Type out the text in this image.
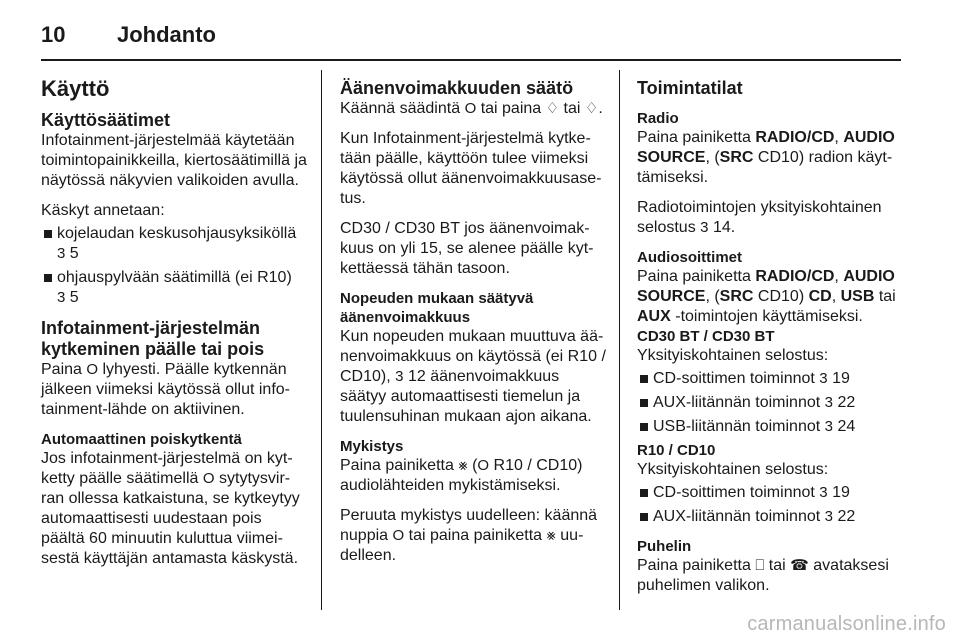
10 Johdanto
Käyttö
Käyttösäätimet
Infotainment-järjestelmää käytetään toimintopainikkeilla, kiertosäätimillä ja näytössä näkyvien valikoiden avulla.
Käskyt annetaan:
kojelaudan keskusohjausyksiköllä
3 5
ohjauspylvään säätimillä (ei R10)
3 5
Infotainment-järjestelmän kytkeminen päälle tai pois
Paina O lyhyesti. Päälle kytkennän jälkeen viimeksi käytössä ollut info-tainment-lähde on aktiivinen.
Automaattinen poiskytkentä
Jos infotainment-järjestelmä on kyt-ketty päälle säätimellä O sytytysvir-ran ollessa katkaistuna, se kytkeytyy automaattisesti uudestaan pois päältä 60 minuutin kuluttua viimei-sestä käyttäjän antamasta käskystä.
Äänenvoimakkuuden säätö
Käännä säädintä O tai paina ♢ tai ♢.
Kun Infotainment-järjestelmä kytke-tään päälle, käyttöön tulee viimeksi käytössä ollut äänenvoimakkuusase-tus.
CD30 / CD30 BT jos äänenvoimak-kuus on yli 15, se alenee päälle kyt-kettäessä tähän tasoon.
Nopeuden mukaan säätyvä äänenvoimakkuus
Kun nopeuden mukaan muuttuva ää-nenvoimakkuus on käytössä (ei R10 / CD10), 3 12 äänenvoimakkuus säätyy automaattisesti tiemelun ja tuulensuhinan mukaan ajon aikana.
Mykistys
Paina painiketta ⨳ (O R10 / CD10) audiolähteiden mykistämiseksi.
Peruuta mykistys uudelleen: käännä nuppia O tai paina painiketta ⨳ uu-delleen.
Toimintatilat
Radio
Paina painiketta RADIO/CD, AUDIO SOURCE, (SRC CD10) radion käyt-tämiseksi.
Radiotoimintojen yksityiskohtainen selostus 3 14.
Audiosoittimet
Paina painiketta RADIO/CD, AUDIO SOURCE, (SRC CD10) CD, USB tai
AUX -toimintojen käyttämiseksi.
CD30 BT / CD30 BT
Yksityiskohtainen selostus:
CD-soittimen toiminnot 3 19
AUX-liitännän toiminnot 3 22
USB-liitännän toiminnot 3 24
R10 / CD10
Yksityiskohtainen selostus:
CD-soittimen toiminnot 3 19
AUX-liitännän toiminnot 3 22
Puhelin
Paina painiketta ⎕ tai ☎ avataksesi puhelimen valikon.
carmanualsonline.info
